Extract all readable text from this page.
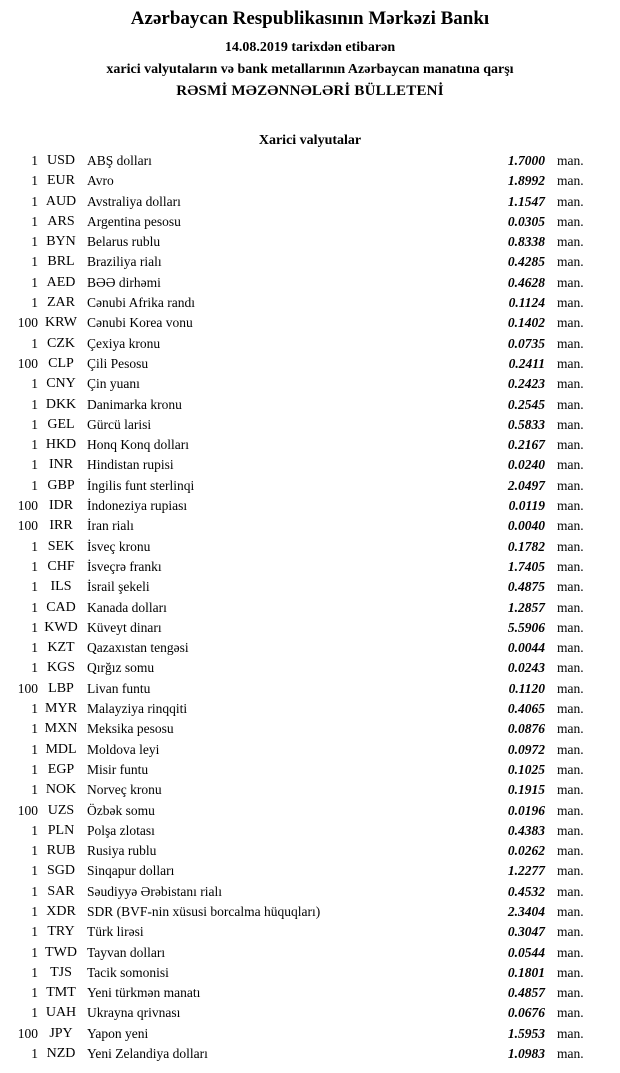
Azərbaycan Respublikasının Mərkəzi Bankı
14.08.2019 tarixdən etibarən
xarici valyutaların və bank metallarının Azərbaycan manatına qarşı
RƏSMİ MƏZƏNNƏLƏRİ BÜLLETENİ
Xarici valyutalar
1 USD ABŞ dolları	1.7000 man.
1 EUR Avro	1.8992 man.
1 AUD Avstraliya dolları	1.1547 man.
1 ARS Argentina pesosu	0.0305 man.
1 BYN Belarus rublu	0.8338 man.
1 BRL Braziliya rialı	0.4285 man.
1 AED BƏƏ dirhəmi	0.4628 man.
1 ZAR Cənubi Afrika randı	0.1124 man.
100 KRW Cənubi Korea vonu	0.1402 man.
1 CZK Çexiya kronu	0.0735 man.
100 CLP Çili Pesosu	0.2411 man.
1 CNY Çin yuanı	0.2423 man.
1 DKK Danimarka kronu	0.2545 man.
1 GEL Gürcü larisi	0.5833 man.
1 HKD Honq Konq dolları	0.2167 man.
1 INR	Hindistan rupisi	0.0240 man.
1 GBP İngilis funt sterlinqi	2.0497 man.
100 IDR	İndoneziya rupiası	0.0119 man.
100 IRR	İran rialı	0.0040 man.
1 SEK İsveç kronu	0.1782 man.
1 CHF İsveçrə frankı	1.7405 man.
1 ILS	İsrail şekeli	0.4875 man.
1 CAD Kanada dolları	1.2857 man.
1 KWD Küveyt dinarı	5.5906 man.
1 KZT Qazaxıstan tengəsi	0.0044 man.
1 KGS Qırğız somu	0.0243 man.
100 LBP Livan funtu	0.1120 man.
1 MYR Malayziya rinqqiti	0.4065 man.
1 MXN Meksika pesosu	0.0876 man.
1 MDL Moldova leyi	0.0972 man.
1 EGP Misir funtu	0.1025 man.
1 NOK Norveç kronu	0.1915 man.
100 UZS Özbək somu	0.0196 man.
1 PLN Polşa zlotası	0.4383 man.
1 RUB Rusiya rublu	0.0262 man.
1 SGD Sinqapur dolları	1.2277 man.
1 SAR Səudiyyə Ərəbistanı rialı	0.4532 man.
1 XDR SDR (BVF-nin xüsusi borcalma hüquqları)	2.3404 man.
1 TRY Türk lirəsi	0.3047 man.
1 TWD Tayvan dolları	0.0544 man.
1 TJS	Tacik somonisi	0.1801 man.
1 TMT Yeni türkmən manatı	0.4857 man.
1 UAH Ukrayna qrivnası	0.0676 man.
100 JPY	Yapon yeni	1.5953 man.
1 NZD Yeni Zelandiya dolları	1.0983 man.
